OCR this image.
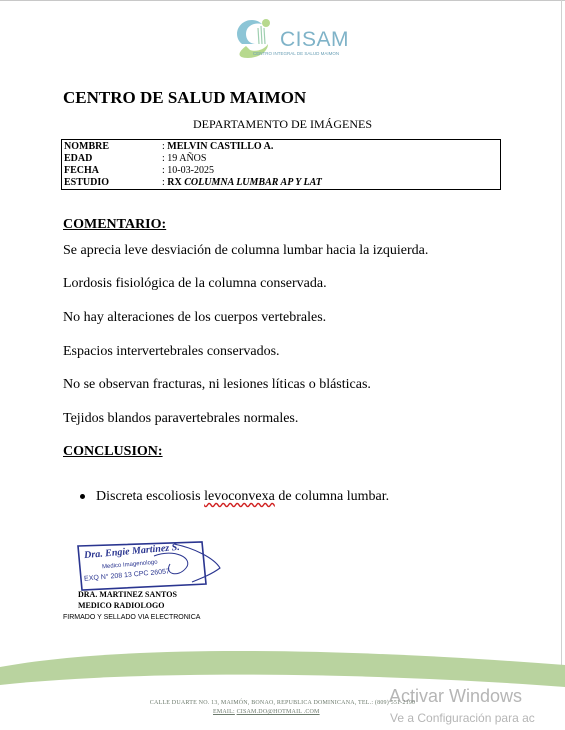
CISAM
CENTRO INTEGRAL DE SALUD MAIMON
CENTRO DE SALUD MAIMON
DEPARTAMENTO DE IMÁGENES
NOMBRE	: MELVIN CASTILLO A.
EDAD	: 19 AÑOS
FECHA	: 10-03-2025
ESTUDIO	: RX COLUMNA LUMBAR AP Y LAT
COMENTARIO:

Se aprecia leve desviación de columna lumbar hacia la izquierda.

Lordosis fisiológica de la columna conservada.

No hay alteraciones de los cuerpos vertebrales.

Espacios intervertebrales conservados.

No se observan fracturas, ni lesiones líticas o blásticas.

Tejidos blandos paravertebrales normales.

CONCLUSION:
Discreta escoliosis levoconvexa de columna lumbar.
Dra. Engie Martinez S.
Medico Imagenologo
EXQ N° 208 13 CPC 26057
DRA. MARTINEZ SANTOS
MEDICO RADIOLOGO
FIRMADO Y SELLADO VIA ELECTRONICA
CALLE DUARTE NO. 13, MAIMÓN, BONAO, REPUBLICA DOMINICANA, TEL.: (809) 551-2190
EMAIL: CISAM.DO@HOTMAIL .COM
Activar Windows
Ve a Configuración para ac
